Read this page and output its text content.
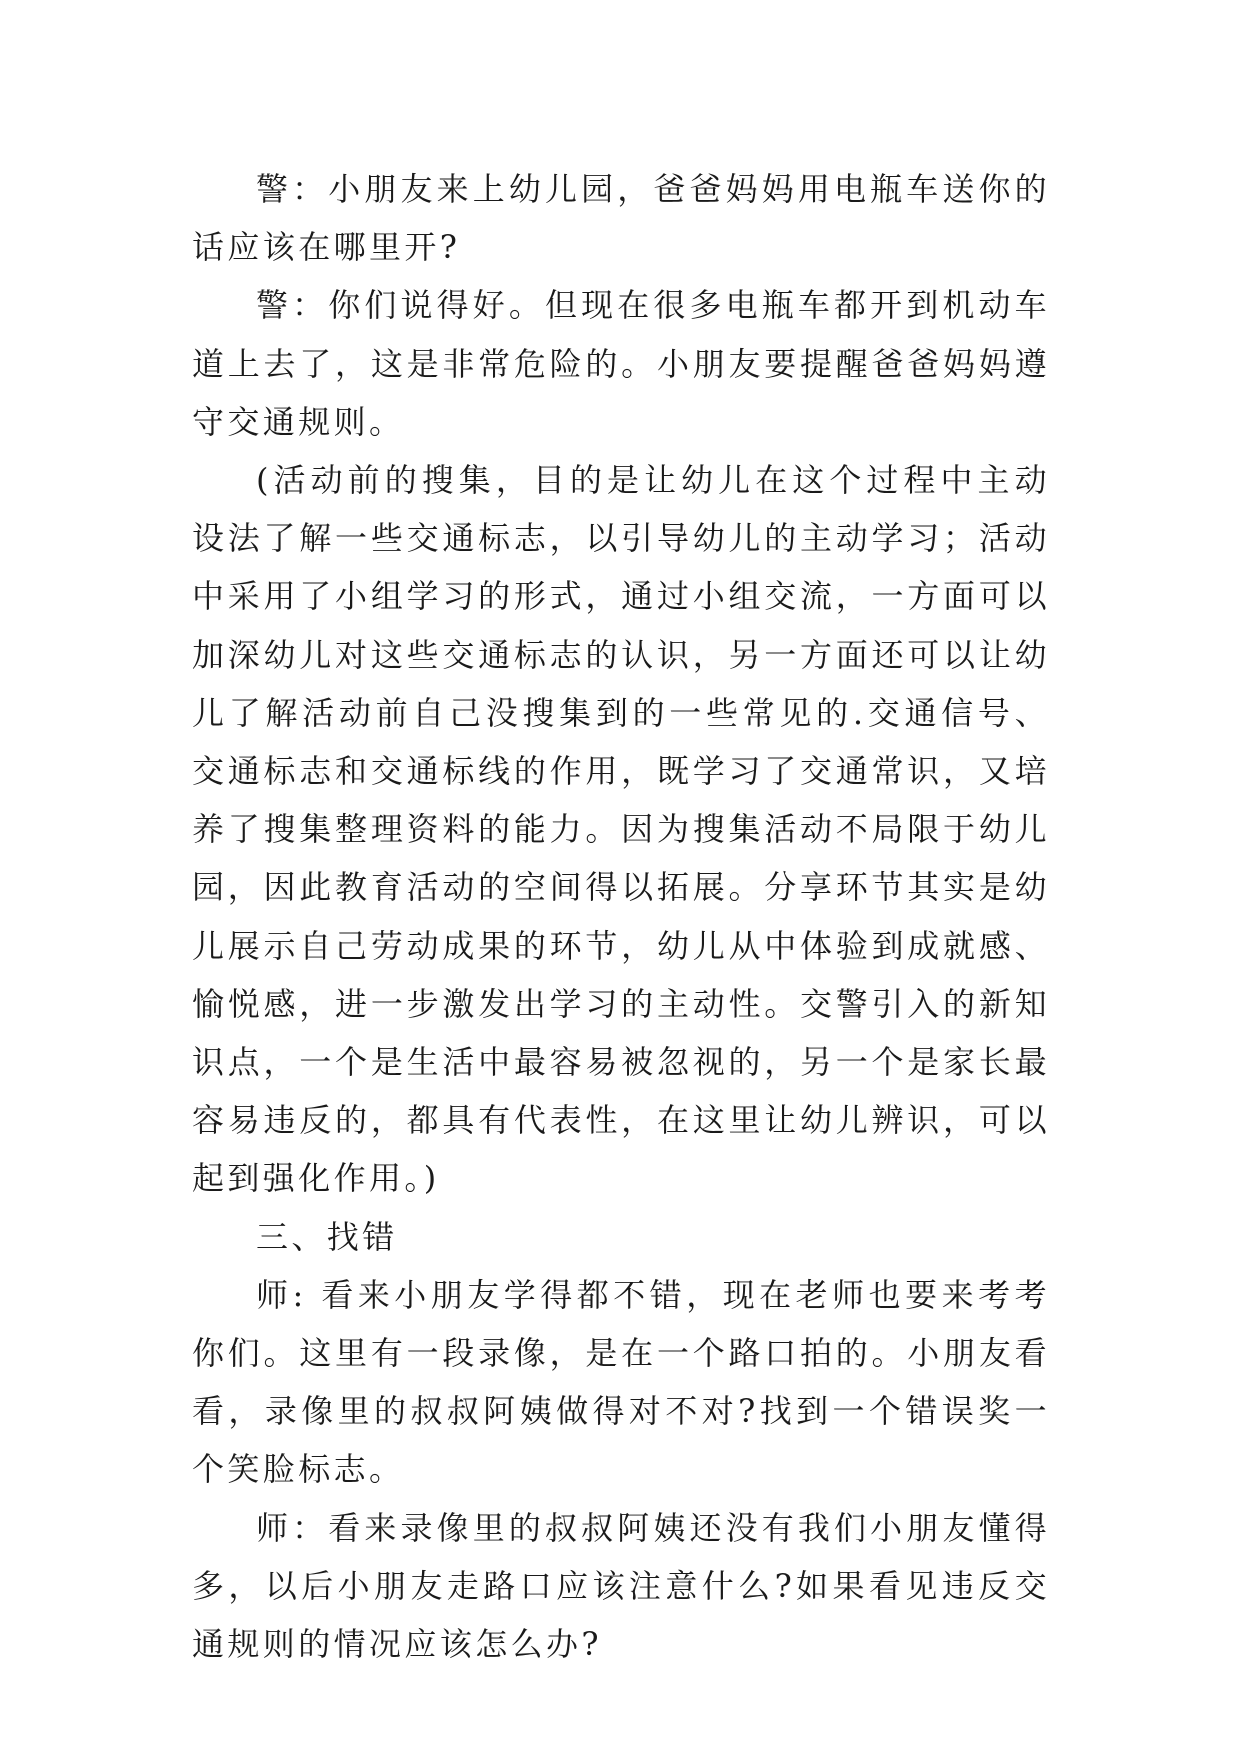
警：小朋友来上幼儿园，爸爸妈妈用电瓶车送你的话应该在哪里开?

警：你们说得好。但现在很多电瓶车都开到机动车道上去了，这是非常危险的。小朋友要提醒爸爸妈妈遵守交通规则。

(活动前的搜集，目的是让幼儿在这个过程中主动设法了解一些交通标志，以引导幼儿的主动学习；活动中采用了小组学习的形式，通过小组交流，一方面可以加深幼儿对这些交通标志的认识，另一方面还可以让幼儿了解活动前自己没搜集到的一些常见的.交通信号、交通标志和交通标线的作用，既学习了交通常识，又培养了搜集整理资料的能力。因为搜集活动不局限于幼儿园，因此教育活动的空间得以拓展。分享环节其实是幼儿展示自己劳动成果的环节，幼儿从中体验到成就感、愉悦感，进一步激发出学习的主动性。交警引入的新知识点，一个是生活中最容易被忽视的，另一个是家长最容易违反的，都具有代表性，在这里让幼儿辨识，可以起到强化作用。)

三、找错

师: 看来小朋友学得都不错，现在老师也要来考考你们。这里有一段录像，是在一个路口拍的。小朋友看看，录像里的叔叔阿姨做得对不对?找到一个错误奖一个笑脸标志。

师：看来录像里的叔叔阿姨还没有我们小朋友懂得多，以后小朋友走路口应该注意什么?如果看见违反交通规则的情况应该怎么办?
